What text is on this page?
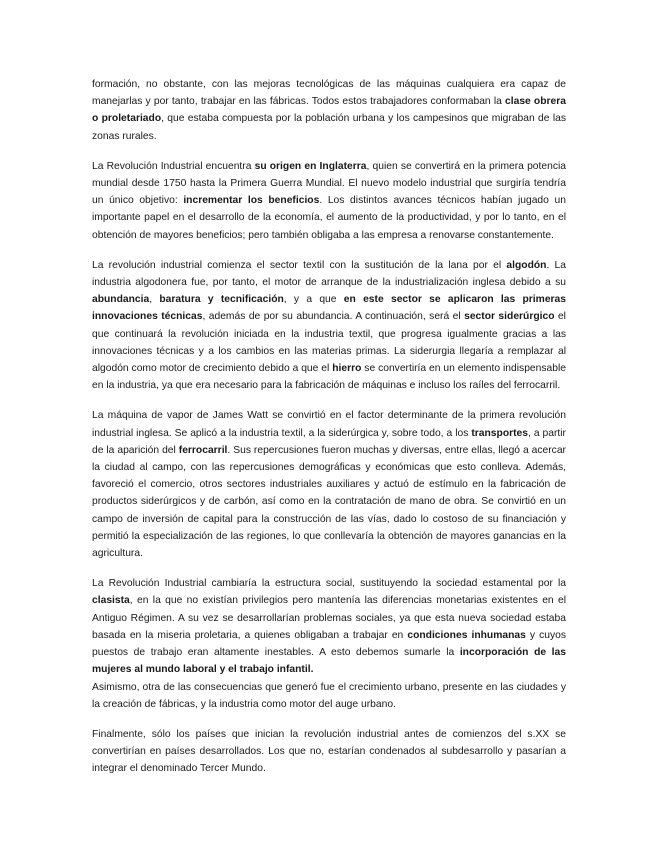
formación, no obstante, con las mejoras tecnológicas de las máquinas cualquiera era capaz de manejarlas y por tanto, trabajar en las fábricas. Todos estos trabajadores conformaban la clase obrera o proletariado, que estaba compuesta por la población urbana y los campesinos que migraban de las zonas rurales.

La Revolución Industrial encuentra su origen en Inglaterra, quien se convertirá en la primera potencia mundial desde 1750 hasta la Primera Guerra Mundial. El nuevo modelo industrial que surgiría tendría un único objetivo: incrementar los beneficios. Los distintos avances técnicos habían jugado un importante papel en el desarrollo de la economía, el aumento de la productividad, y por lo tanto, en el obtención de mayores beneficios; pero también obligaba a las empresa a renovarse constantemente.

La revolución industrial comienza el sector textil con la sustitución de la lana por el algodón. La industria algodonera fue, por tanto, el motor de arranque de la industrialización inglesa debido a su abundancia, baratura y tecnificación, y a que en este sector se aplicaron las primeras innovaciones técnicas, además de por su abundancia. A continuación, será el sector siderúrgico el que continuará la revolución iniciada en la industria textil, que progresa igualmente gracias a las innovaciones técnicas y a los cambios en las materias primas. La siderurgia llegaría a remplazar al algodón como motor de crecimiento debido a que el hierro se convertiría en un elemento indispensable en la industria, ya que era necesario para la fabricación de máquinas e incluso los raíles del ferrocarril.

La máquina de vapor de James Watt se convirtió en el factor determinante de la primera revolución industrial inglesa. Se aplicó a la industria textil, a la siderúrgica y, sobre todo, a los transportes, a partir de la aparición del ferrocarril. Sus repercusiones fueron muchas y diversas, entre ellas, llegó a acercar la ciudad al campo, con las repercusiones demográficas y económicas que esto conlleva. Además, favoreció el comercio, otros sectores industriales auxiliares y actuó de estímulo en la fabricación de productos siderúrgicos y de carbón, así como en la contratación de mano de obra. Se convirtió en un campo de inversión de capital para la construcción de las vías, dado lo costoso de su financiación y permitió la especialización de las regiones, lo que conllevaría la obtención de mayores ganancias en la agricultura.

La Revolución Industrial cambiaría la estructura social, sustituyendo la sociedad estamental por la clasista, en la que no existían privilegios pero mantenía las diferencias monetarias existentes en el Antiguo Régimen. A su vez se desarrollarían problemas sociales, ya que esta nueva sociedad estaba basada en la miseria proletaria, a quienes obligaban a trabajar en condiciones inhumanas y cuyos puestos de trabajo eran altamente inestables. A esto debemos sumarle la incorporación de las mujeres al mundo laboral y el trabajo infantil.

Asimismo, otra de las consecuencias que generó fue el crecimiento urbano, presente en las ciudades y la creación de fábricas, y la industria como motor del auge urbano.

Finalmente, sólo los países que inician la revolución industrial antes de comienzos del s.XX se convertirían en países desarrollados. Los que no, estarían condenados al subdesarrollo y pasarían a integrar el denominado Tercer Mundo.
